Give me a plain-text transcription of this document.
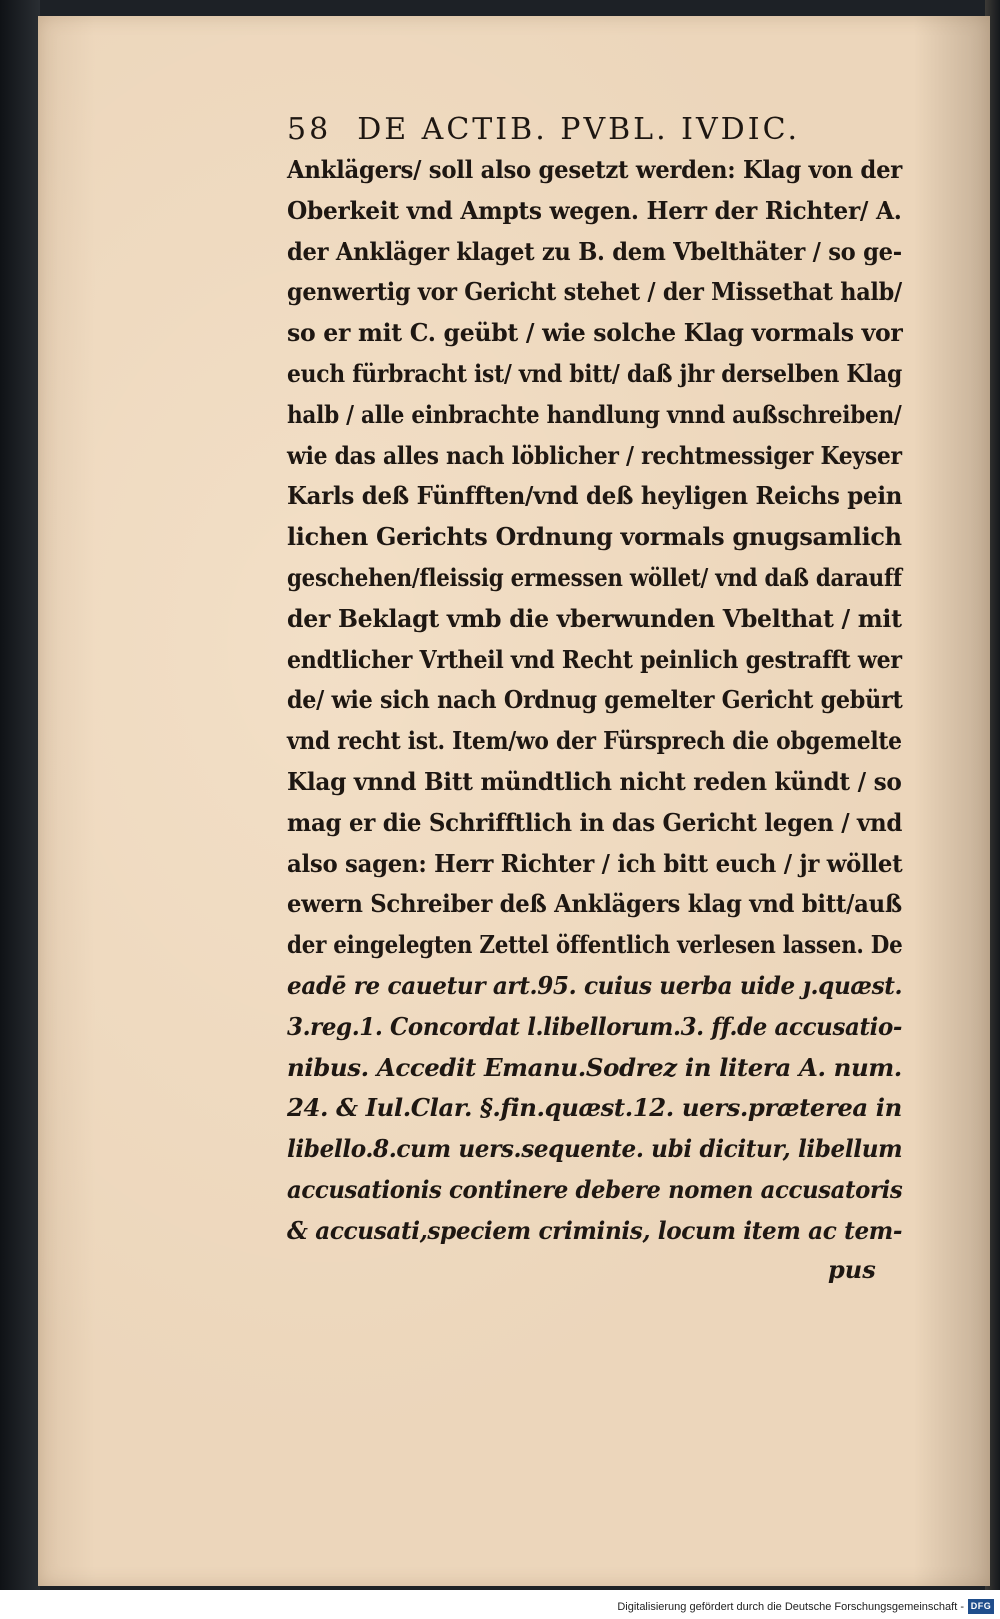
58 DE ACTIB. PVBL. IVDIC.
Anklägers/ soll also gesetzt werden: Klag von der
Oberkeit vnd Ampts wegen. Herr der Richter/ A.
der Ankläger klaget zu B. dem Vbelthäter / so ge-
genwertig vor Gericht stehet / der Missethat halb/
so er mit C. geübt / wie solche Klag vormals vor
euch fürbracht ist/ vnd bitt/ daß jhr derselben Klag
halb / alle einbrachte handlung vnnd außschreiben/
wie das alles nach löblicher / rechtmessiger Keyser
Karls deß Fünfften/vnd deß heyligen Reichs pein
lichen Gerichts Ordnung vormals gnugsamlich
geschehen/fleissig ermessen wöllet/ vnd daß darauff
der Beklagt vmb die vberwunden Vbelthat / mit
endtlicher Vrtheil vnd Recht peinlich gestrafft wer
de/ wie sich nach Ordnug gemelter Gericht gebürt
vnd recht ist. Item/wo der Fürsprech die obgemelte
Klag vnnd Bitt mündtlich nicht reden kündt / so
mag er die Schrifftlich in das Gericht legen / vnd
also sagen: Herr Richter / ich bitt euch / jr wöllet
ewern Schreiber deß Anklägers klag vnd bitt/auß
der eingelegten Zettel öffentlich verlesen lassen. De
eadē re cauetur art.95. cuius uerba uide ȷ.quæst.
3.reg.1. Concordat l.libellorum.3. ff.de accusatio-
nibus. Accedit Emanu.Sodrez in litera A. num.
24. & Iul.Clar. §.fin.quæst.12. uers.præterea in
libello.8.cum uers.sequente. ubi dicitur, libellum
accusationis continere debere nomen accusatoris
& accusati,speciem criminis, locum item ac tem-
pus
Digitalisierung gefördert durch die Deutsche Forschungsgemeinschaft - DFG
